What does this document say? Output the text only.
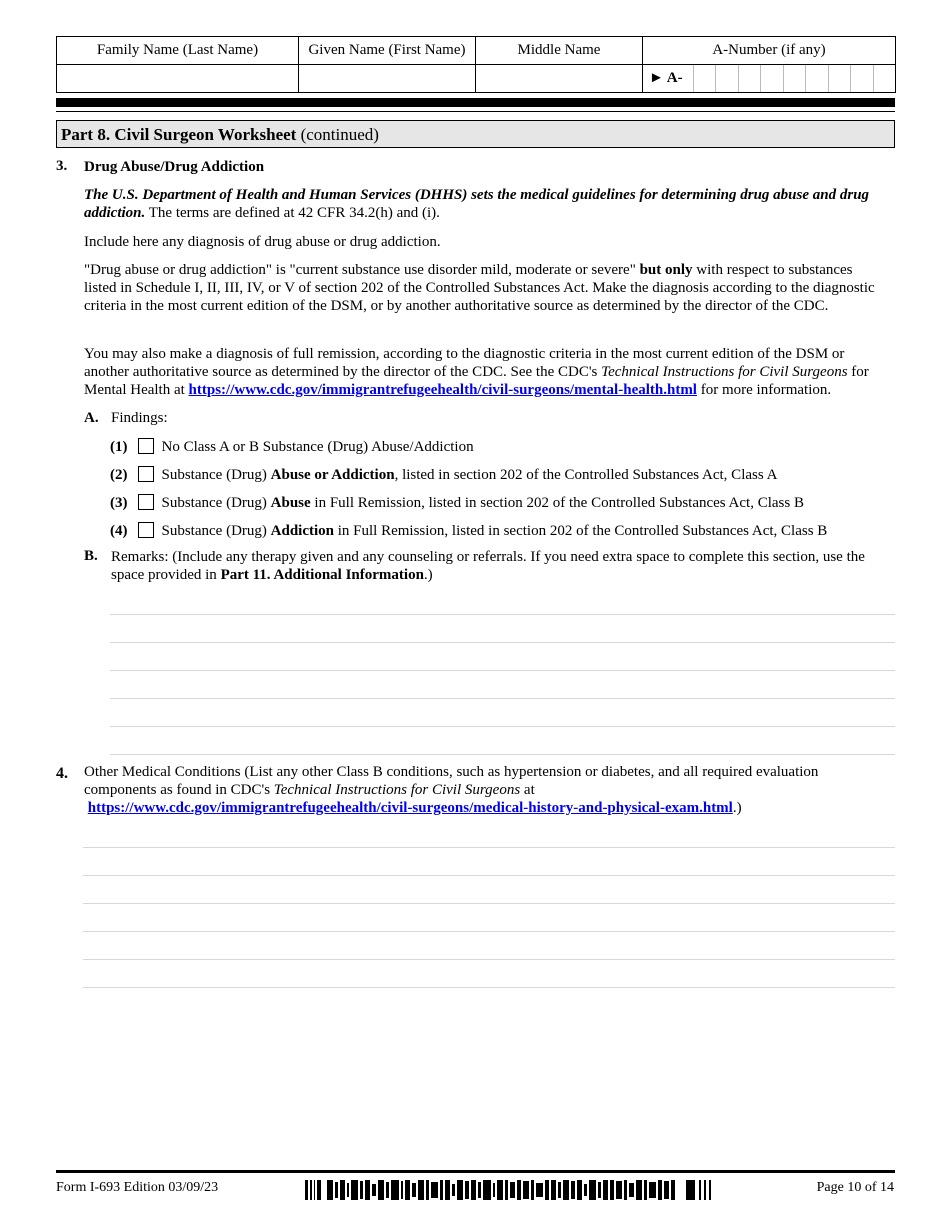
Family Name (Last Name)	Given Name (First Name)	Middle Name	A-Number (if any)

► A-
Part 8. Civil Surgeon Worksheet (continued)
3. Drug Abuse/Drug Addiction
The U.S. Department of Health and Human Services (DHHS) sets the medical guidelines for determining drug abuse and drug addiction. The terms are defined at 42 CFR 34.2(h) and (i).
Include here any diagnosis of drug abuse or drug addiction.
"Drug abuse or drug addiction" is "current substance use disorder mild, moderate or severe" but only with respect to substances listed in Schedule I, II, III, IV, or V of section 202 of the Controlled Substances Act. Make the diagnosis according to the diagnostic criteria in the most current edition of the DSM, or by another authoritative source as determined by the director of the CDC.
You may also make a diagnosis of full remission, according to the diagnostic criteria in the most current edition of the DSM or another authoritative source as determined by the director of the CDC. See the CDC's Technical Instructions for Civil Surgeons for Mental Health at https://www.cdc.gov/immigrantrefugeehealth/civil-surgeons/mental-health.html for more information.
A. Findings:
(1) No Class A or B Substance (Drug) Abuse/Addiction
(2) Substance (Drug) Abuse or Addiction, listed in section 202 of the Controlled Substances Act, Class A
(3) Substance (Drug) Abuse in Full Remission, listed in section 202 of the Controlled Substances Act, Class B
(4) Substance (Drug) Addiction in Full Remission, listed in section 202 of the Controlled Substances Act, Class B
B. Remarks: (Include any therapy given and any counseling or referrals. If you need extra space to complete this section, use the space provided in Part 11. Additional Information.)
4. Other Medical Conditions (List any other Class B conditions, such as hypertension or diabetes, and all required evaluation components as found in CDC's Technical Instructions for Civil Surgeons at
https://www.cdc.gov/immigrantrefugeehealth/civil-surgeons/medical-history-and-physical-exam.html.)
Form I-693 Edition 03/09/23	Page 10 of 14
